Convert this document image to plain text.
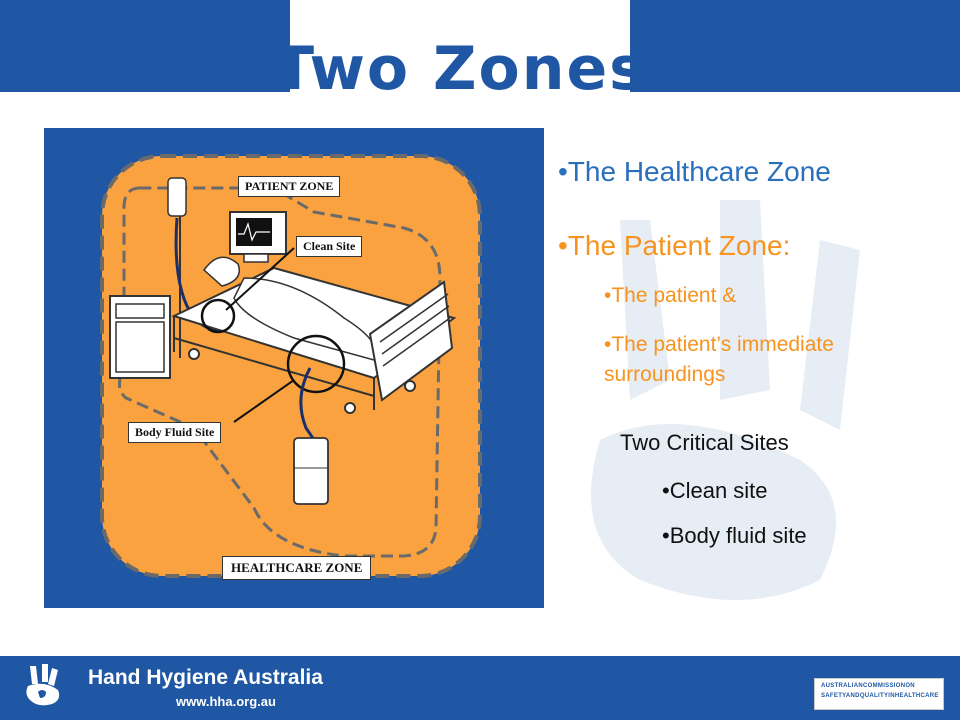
Two Zones
PATIENT ZONE
Clean Site
Body Fluid Site
HEALTHCARE ZONE
•The Healthcare Zone
•The Patient Zone:
•The patient &
•The patient’s immediate surroundings
Two Critical Sites
•Clean site
•Body fluid site
Hand Hygiene Australia
www.hha.org.au
AUSTRALIANCOMMISSIONON
SAFETYANDQUALITYINHEALTHCARE
